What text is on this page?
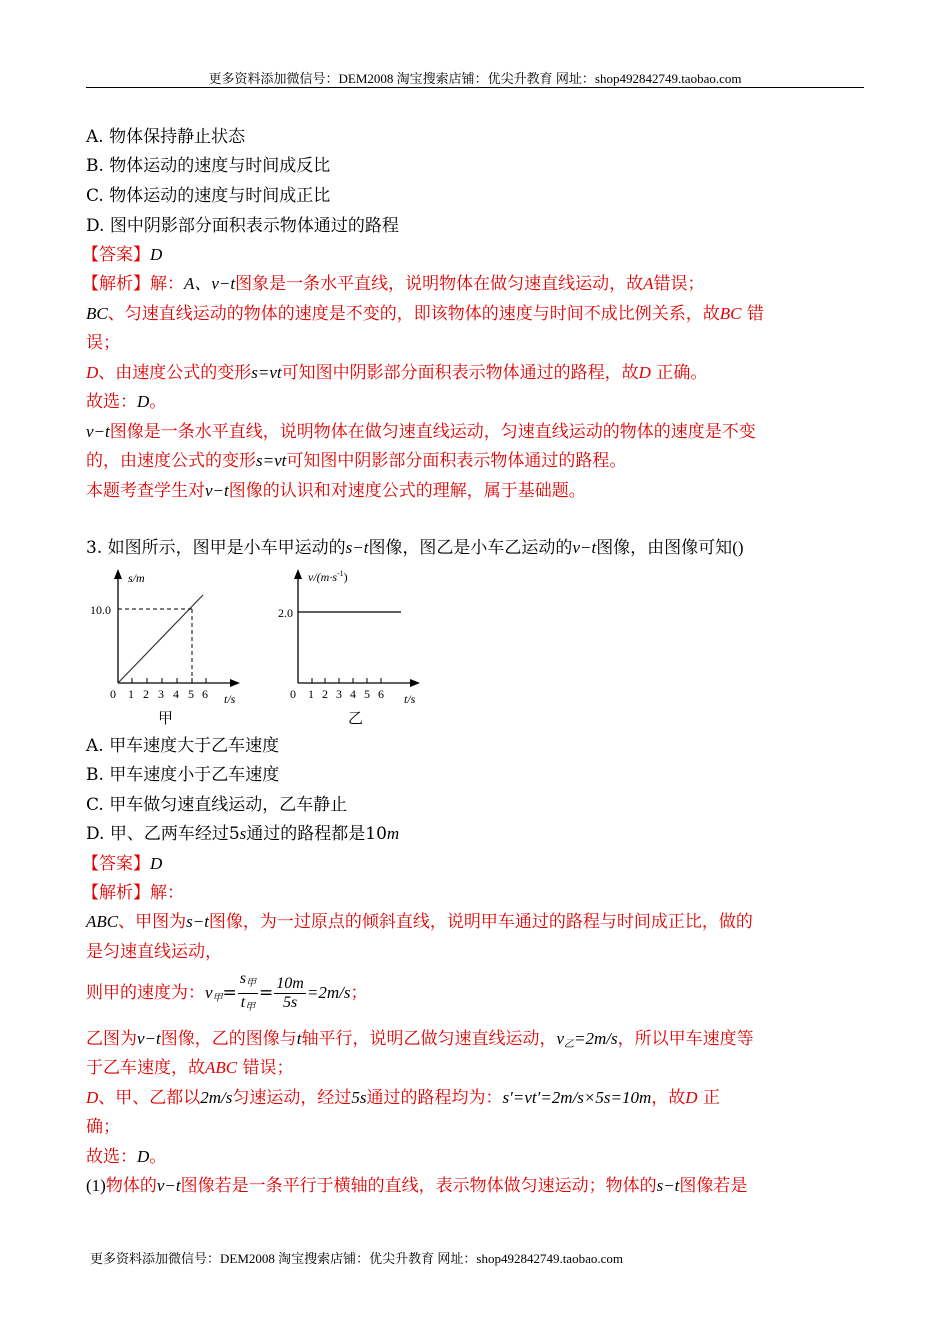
更多资料添加微信号：DEM2008 淘宝搜索店铺：优尖升教育 网址：shop492842749.taobao.com
A. 物体保持静止状态
B. 物体运动的速度与时间成反比
C. 物体运动的速度与时间成正比
D. 图中阴影部分面积表示物体通过的路程
【答案】D
【解析】解：A、v−t图象是一条水平直线，说明物体在做匀速直线运动，故A错误；
BC、匀速直线运动的物体的速度是不变的，即该物体的速度与时间不成比例关系，故BC 错
误；
D、由速度公式的变形s=vt可知图中阴影部分面积表示物体通过的路程，故D 正确。
故选：D。
v−t图像是一条水平直线，说明物体在做匀速直线运动，匀速直线运动的物体的速度是不变
的，由速度公式的变形s=vt可知图中阴影部分面积表示物体通过的路程。
本题考查学生对v−t图像的认识和对速度公式的理解，属于基础题。
3. 如图所示，图甲是小车甲运动的s−t图像，图乙是小车乙运动的v−t图像，由图像可知()
10.0
s/m
0 1 2 3 4 5 6 t/s
甲
2.0
$v/(m\cdot s^{-1})$
0 1 2 3 4 5 6 t/s
乙
A. 甲车速度大于乙车速度
B. 甲车速度小于乙车速度
C. 甲车做匀速直线运动，乙车静止
D. 甲、乙两车经过5s通过的路程都是10m
【答案】D
【解析】解：
ABC、甲图为s−t图像，为一过原点的倾斜直线，说明甲车通过的路程与时间成正比，做的
是匀速直线运动，
则甲的速度为：$v_甲= \frac{s_甲}{t_甲} = \frac{10m}{5s} =2m/s$；
乙图为v−t图像，乙的图像与t轴平行，说明乙做匀速直线运动，$v_乙=2m/s$，所以甲车速度等
于乙车速度，故ABC 错误；
D、甲、乙都以2m/s匀速运动，经过5s通过的路程均为：s′=vt′=2m/s×5s=10m，故D 正
确；
故选：D。
(1)物体的v−t图像若是一条平行于横轴的直线，表示物体做匀速运动；物体的s−t图像若是
更多资料添加微信号：DEM2008 淘宝搜索店铺：优尖升教育 网址：shop492842749.taobao.com
